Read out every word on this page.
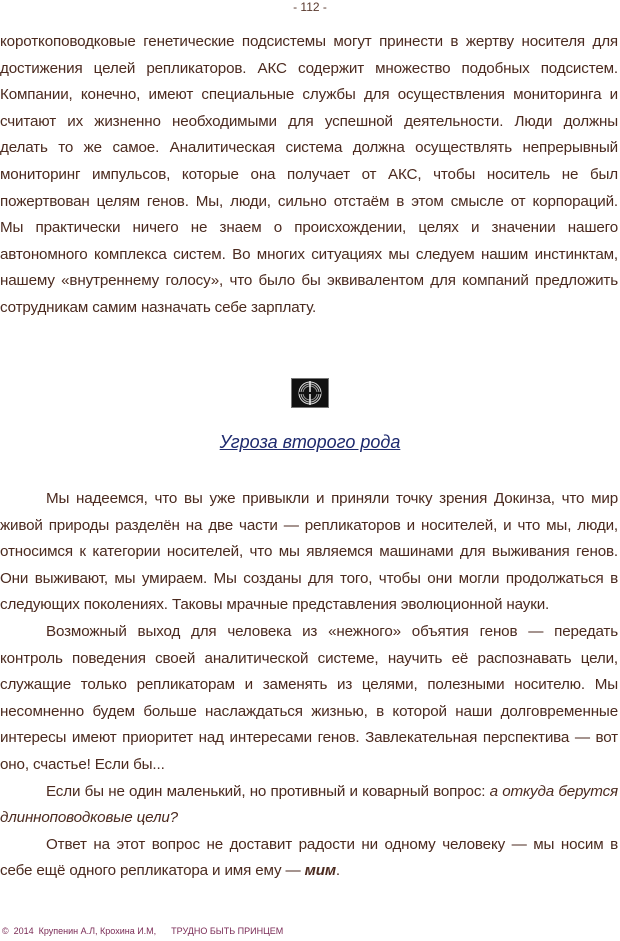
- 112 -

короткоповодковые генетические подсистемы могут принести в жертву носителя для

достижения целей репликаторов. АКС содержит множество подобных подсистем.

Компании, конечно, имеют специальные службы для осуществления мониторинга и

считают их жизненно необходимыми для успешной деятельности. Люди должны

делать то же самое. Аналитическая система должна осуществлять непрерывный

мониторинг импульсов, которые она получает от АКС, чтобы носитель не был

пожертвован целям генов. Мы, люди, сильно отстаём в этом смысле от корпораций.

Мы практически ничего не знаем о происхождении, целях и значении нашего

автономного комплекса систем. Во многих ситуациях мы следуем нашим инстинктам,

нашему «внутреннему голосу», что было бы эквивалентом для компаний предложить

сотрудникам самим назначать себе зарплату.

Угроза второго рода

Мы надеемся, что вы уже привыкли и приняли точку зрения Докинза, что мир живой природы разделён на две части — репликаторов и носителей, и что мы, люди, относимся к категории носителей, что мы являемся машинами для выживания генов. Они выживают, мы умираем. Мы созданы для того, чтобы они могли продолжаться в следующих поколениях. Таковы мрачные представления эволюционной науки.

Возможный выход для человека из «нежного» объятия генов — передать контроль поведения своей аналитической системе, научить её распознавать цели, служащие только репликаторам и заменять из целями, полезными носителю. Мы несомненно будем больше наслаждаться жизнью, в которой наши долговременные интересы имеют приоритет над интересами генов. Завлекательная перспектива — вот оно, счастье! Если бы...

Если бы не один маленький, но противный и коварный вопрос: а откуда берутся длинноповодковые цели?

Ответ на этот вопрос не доставит радости ни одному человеку — мы носим в себе ещё одного репликатора и имя ему — мим.

©  2014  Крупенин А.Л, Крохина И.М,      ТРУДНО БЫТЬ ПРИНЦЕМ
